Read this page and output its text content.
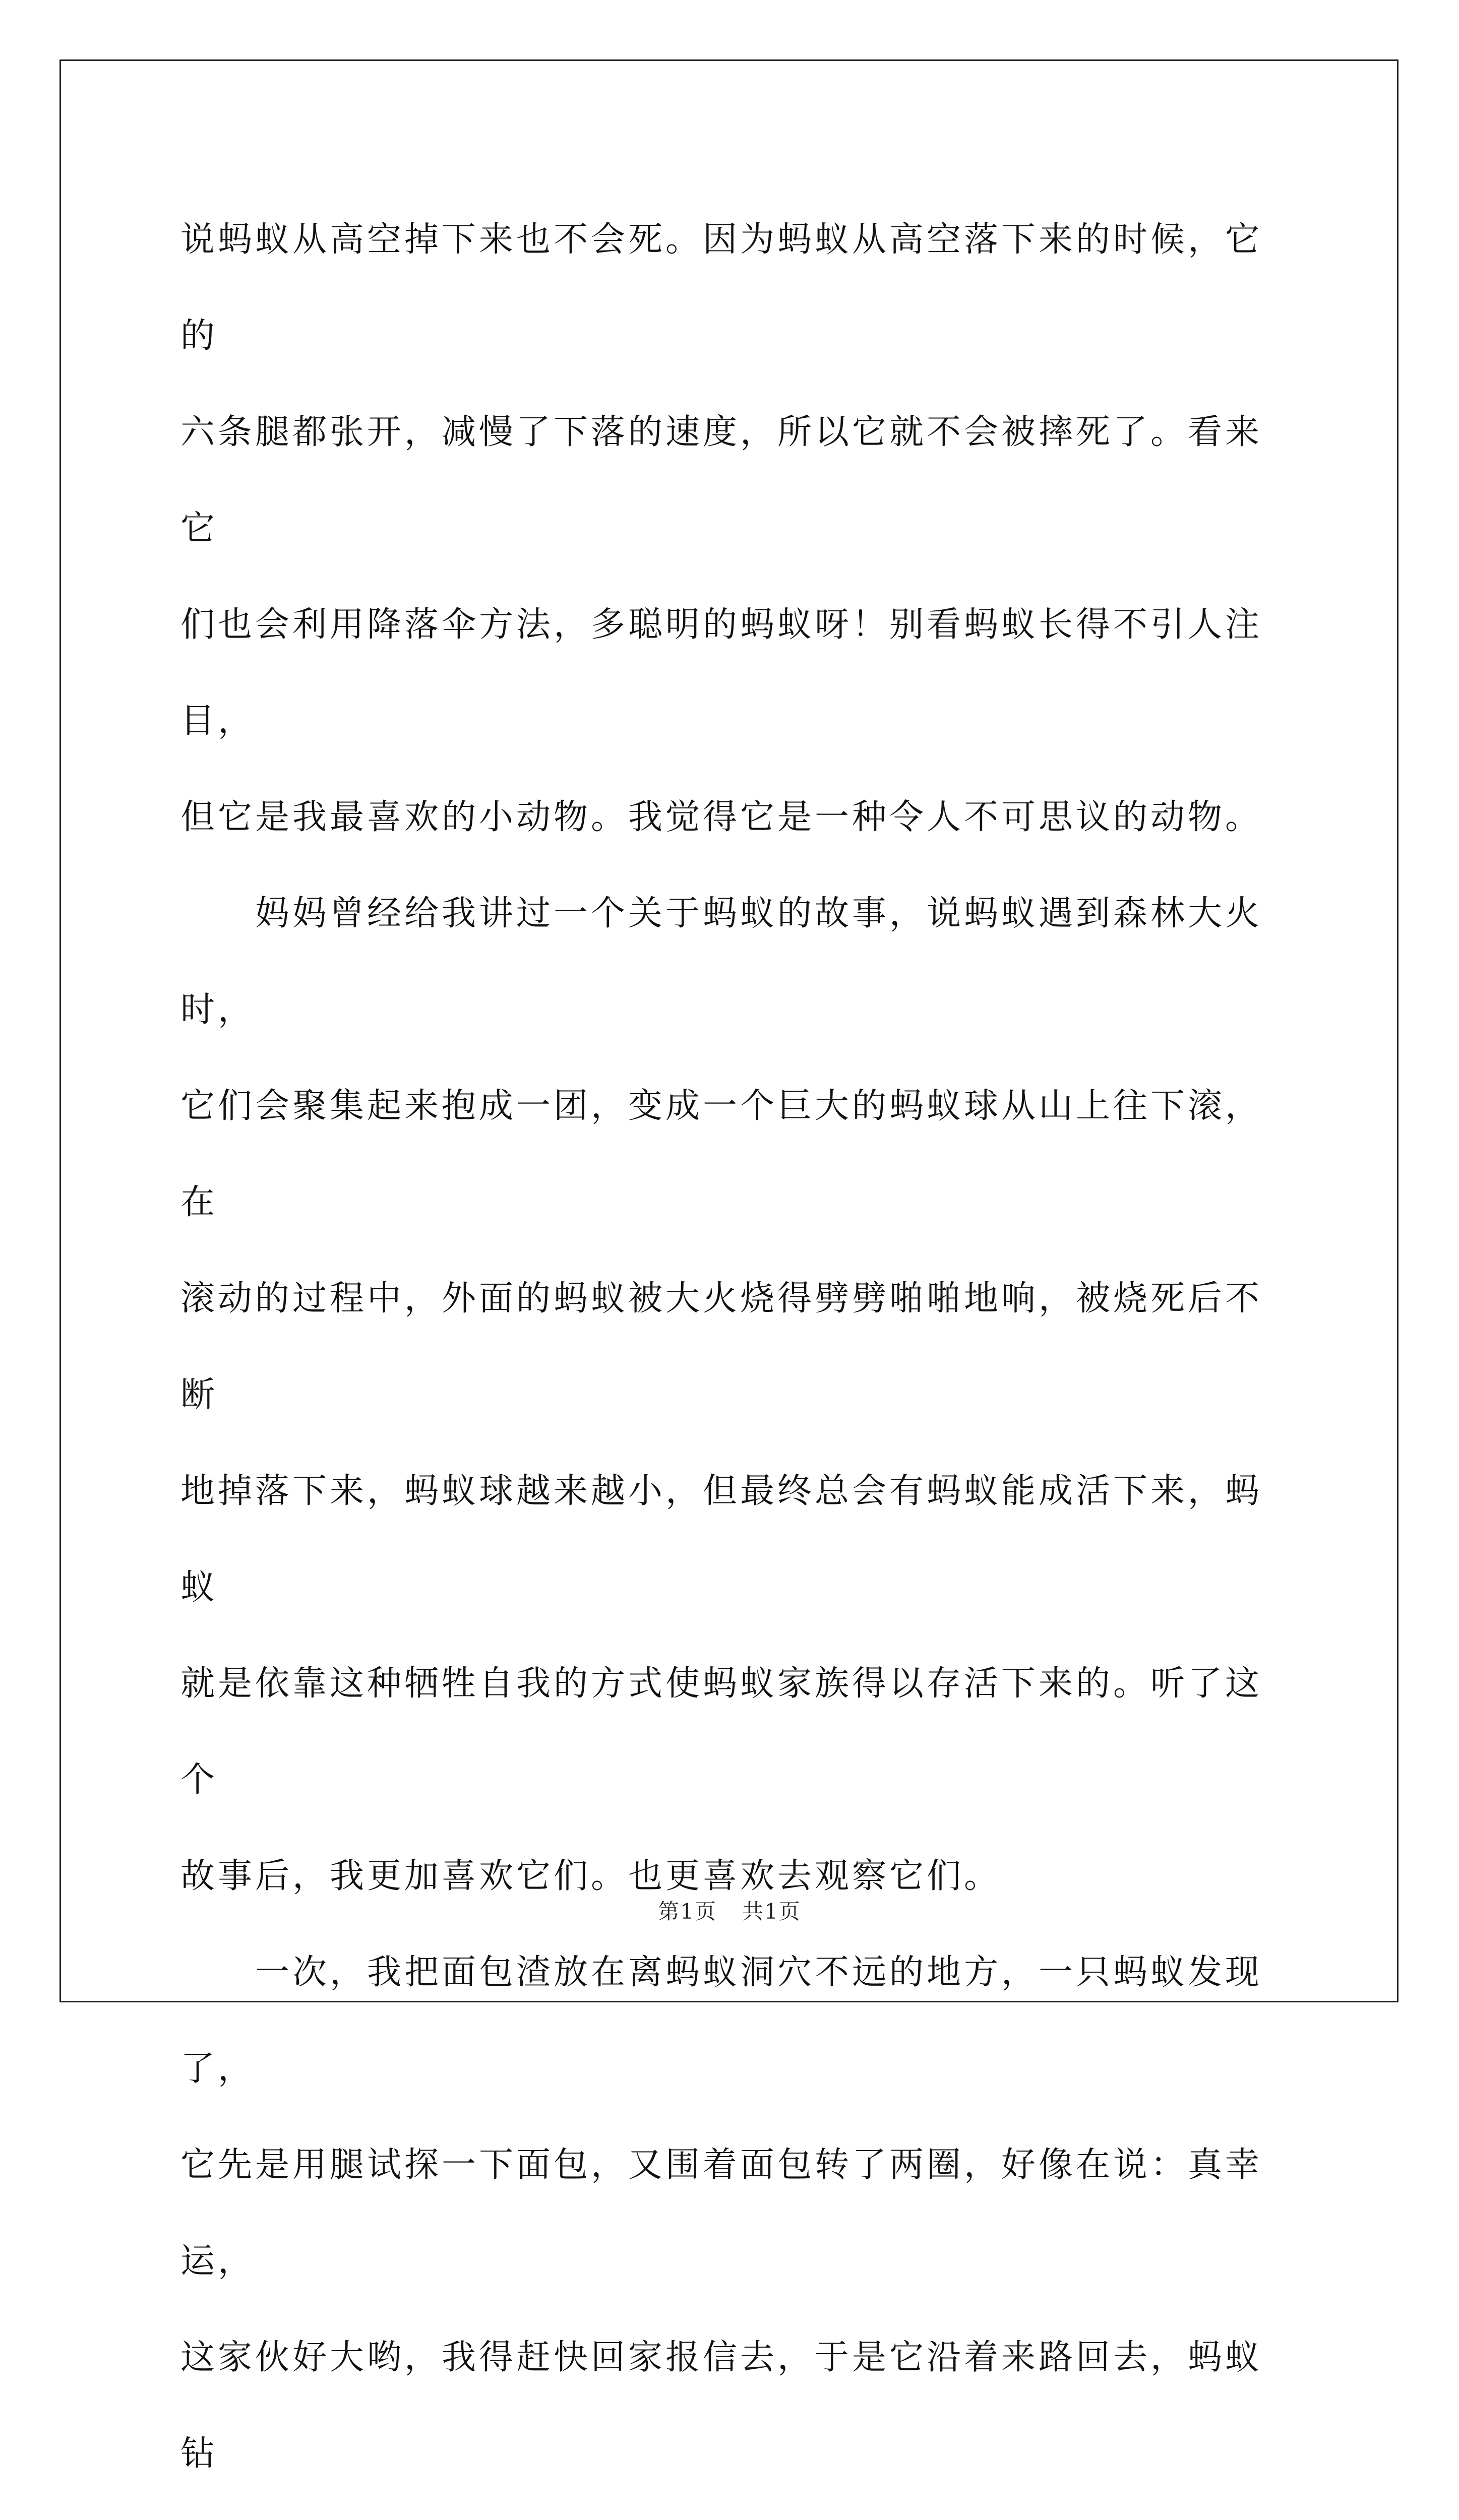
说蚂蚁从高空掉下来也不会死。因为蚂蚁从高空落下来的时候，它的
六条腿都张开，减慢了下落的速度，所以它就不会被摔死了。看来它
们也会利用降落伞方法，多聪明的蚂蚁呀！别看蚂蚁长得不引人注目，
但它是我最喜欢的小动物。我觉得它是一种令人不可思议的动物。

妈妈曾经给我讲过一个关于蚂蚁的故事，说蚂蚁遇到森林大火时，
它们会聚集起来抱成一团，变成一个巨大的蚂蚁球从山上往下滚，在
滚动的过程中，外面的蚂蚁被大火烧得劈劈啪啪地响，被烧死后不断
地掉落下来，蚂蚁球越来越小，但最终总会有蚂蚁能成活下来，蚂蚁
就是依靠这种牺牲自我的方式使蚂蚁家族得以存活下来的。听了这个
故事后，我更加喜欢它们。也更喜欢去观察它们。

一次，我把面包渣放在离蚂蚁洞穴不远的地方，一只蚂蚁发现了，
它先是用腿试探一下面包，又围着面包转了两圈，好像在说：真幸运，
这家伙好大哟，我得赶快回家报信去，于是它沿着来路回去，蚂蚁钻

第1页 共1页
